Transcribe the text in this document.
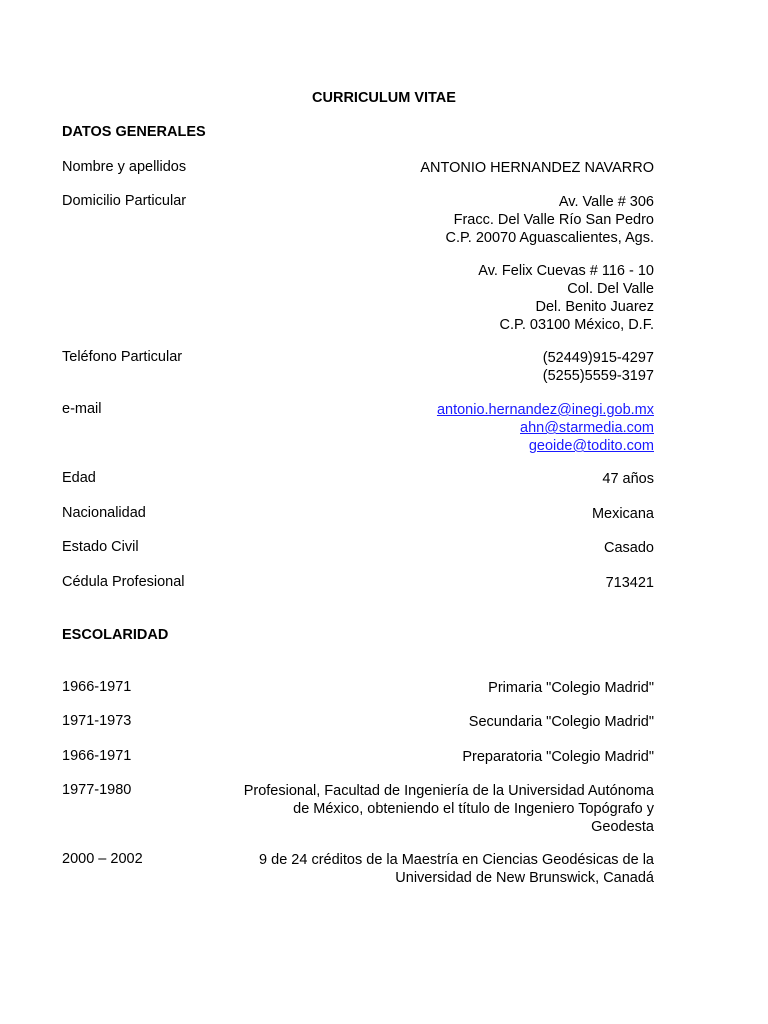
CURRICULUM VITAE
DATOS GENERALES
Nombre y apellidos	ANTONIO HERNANDEZ NAVARRO
Domicilio Particular	Av. Valle # 306
Fracc. Del Valle Río San Pedro
C.P. 20070 Aguascalientes, Ags.
Av. Felix Cuevas # 116 - 10
Col. Del Valle
Del. Benito Juarez
C.P. 03100 México, D.F.
Teléfono Particular	(52449)915-4297
(5255)5559-3197
e-mail	antonio.hernandez@inegi.gob.mx
ahn@starmedia.com
geoide@todito.com
Edad	47 años
Nacionalidad	Mexicana
Estado Civil	Casado
Cédula Profesional	713421
ESCOLARIDAD
1966-1971	Primaria "Colegio Madrid"
1971-1973	Secundaria "Colegio Madrid"
1966-1971	Preparatoria "Colegio Madrid"
1977-1980	Profesional, Facultad de Ingeniería de la Universidad Autónoma
de México, obteniendo el título de Ingeniero Topógrafo y
Geodesta
2000 – 2002	9 de 24 créditos de la Maestría en Ciencias Geodésicas de la
Universidad de New Brunswick, Canadá
